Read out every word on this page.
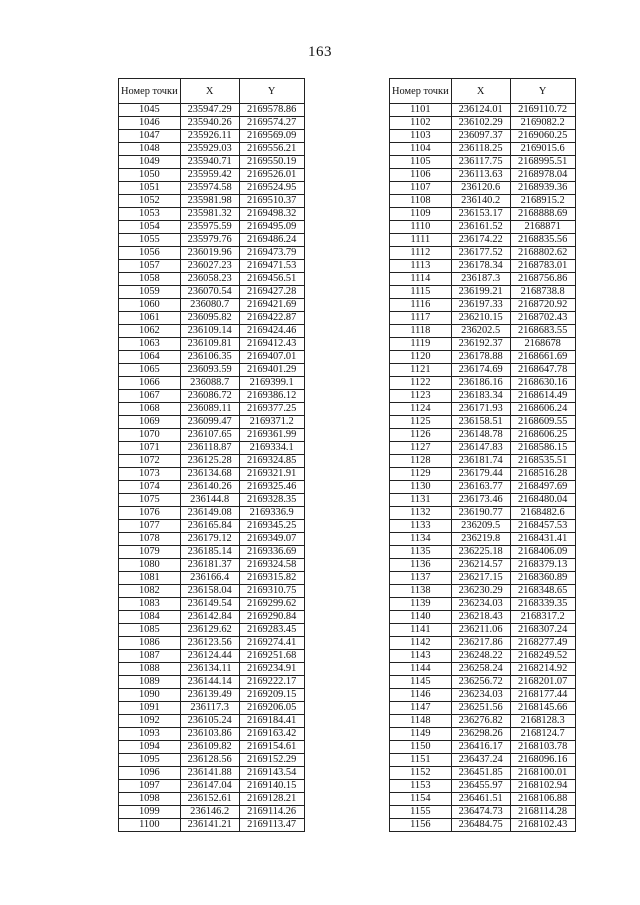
163
Номер точки	X	Y
1045	235947.29	2169578.86
1046	235940.26	2169574.27
1047	235926.11	2169569.09
1048	235929.03	2169556.21
1049	235940.71	2169550.19
1050	235959.42	2169526.01
1051	235974.58	2169524.95
1052	235981.98	2169510.37
1053	235981.32	2169498.32
1054	235975.59	2169495.09
1055	235979.76	2169486.24
1056	236019.96	2169473.79
1057	236027.23	2169471.53
1058	236058.23	2169456.51
1059	236070.54	2169427.28
1060	236080.7	2169421.69
1061	236095.82	2169422.87
1062	236109.14	2169424.46
1063	236109.81	2169412.43
1064	236106.35	2169407.01
1065	236093.59	2169401.29
1066	236088.7	2169399.1
1067	236086.72	2169386.12
1068	236089.11	2169377.25
1069	236099.47	2169371.2
1070	236107.65	2169361.99
1071	236118.87	2169334.1
1072	236125.28	2169324.85
1073	236134.68	2169321.91
1074	236140.26	2169325.46
1075	236144.8	2169328.35
1076	236149.08	2169336.9
1077	236165.84	2169345.25
1078	236179.12	2169349.07
1079	236185.14	2169336.69
1080	236181.37	2169324.58
1081	236166.4	2169315.82
1082	236158.04	2169310.75
1083	236149.54	2169299.62
1084	236142.84	2169290.84
1085	236129.62	2169283.45
1086	236123.56	2169274.41
1087	236124.44	2169251.68
1088	236134.11	2169234.91
1089	236144.14	2169222.17
1090	236139.49	2169209.15
1091	236117.3	2169206.05
1092	236105.24	2169184.41
1093	236103.86	2169163.42
1094	236109.82	2169154.61
1095	236128.56	2169152.29
1096	236141.88	2169143.54
1097	236147.04	2169140.15
1098	236152.61	2169128.21
1099	236146.2	2169114.26
1100	236141.21	2169113.47
Номер точки	X	Y
1101	236124.01	2169110.72
1102	236102.29	2169082.2
1103	236097.37	2169060.25
1104	236118.25	2169015.6
1105	236117.75	2168995.51
1106	236113.63	2168978.04
1107	236120.6	2168939.36
1108	236140.2	2168915.2
1109	236153.17	2168888.69
1110	236161.52	2168871
1111	236174.22	2168835.56
1112	236177.52	2168802.62
1113	236178.34	2168783.01
1114	236187.3	2168756.86
1115	236199.21	2168738.8
1116	236197.33	2168720.92
1117	236210.15	2168702.43
1118	236202.5	2168683.55
1119	236192.37	2168678
1120	236178.88	2168661.69
1121	236174.69	2168647.78
1122	236186.16	2168630.16
1123	236183.34	2168614.49
1124	236171.93	2168606.24
1125	236158.51	2168609.55
1126	236148.78	2168606.25
1127	236147.83	2168586.15
1128	236181.74	2168535.51
1129	236179.44	2168516.28
1130	236163.77	2168497.69
1131	236173.46	2168480.04
1132	236190.77	2168482.6
1133	236209.5	2168457.53
1134	236219.8	2168431.41
1135	236225.18	2168406.09
1136	236214.57	2168379.13
1137	236217.15	2168360.89
1138	236230.29	2168348.65
1139	236234.03	2168339.35
1140	236218.43	2168317.2
1141	236211.06	2168307.24
1142	236217.86	2168277.49
1143	236248.22	2168249.52
1144	236258.24	2168214.92
1145	236256.72	2168201.07
1146	236234.03	2168177.44
1147	236251.56	2168145.66
1148	236276.82	2168128.3
1149	236298.26	2168124.7
1150	236416.17	2168103.78
1151	236437.24	2168096.16
1152	236451.85	2168100.01
1153	236455.97	2168102.94
1154	236461.51	2168106.88
1155	236474.73	2168114.28
1156	236484.75	2168102.43
